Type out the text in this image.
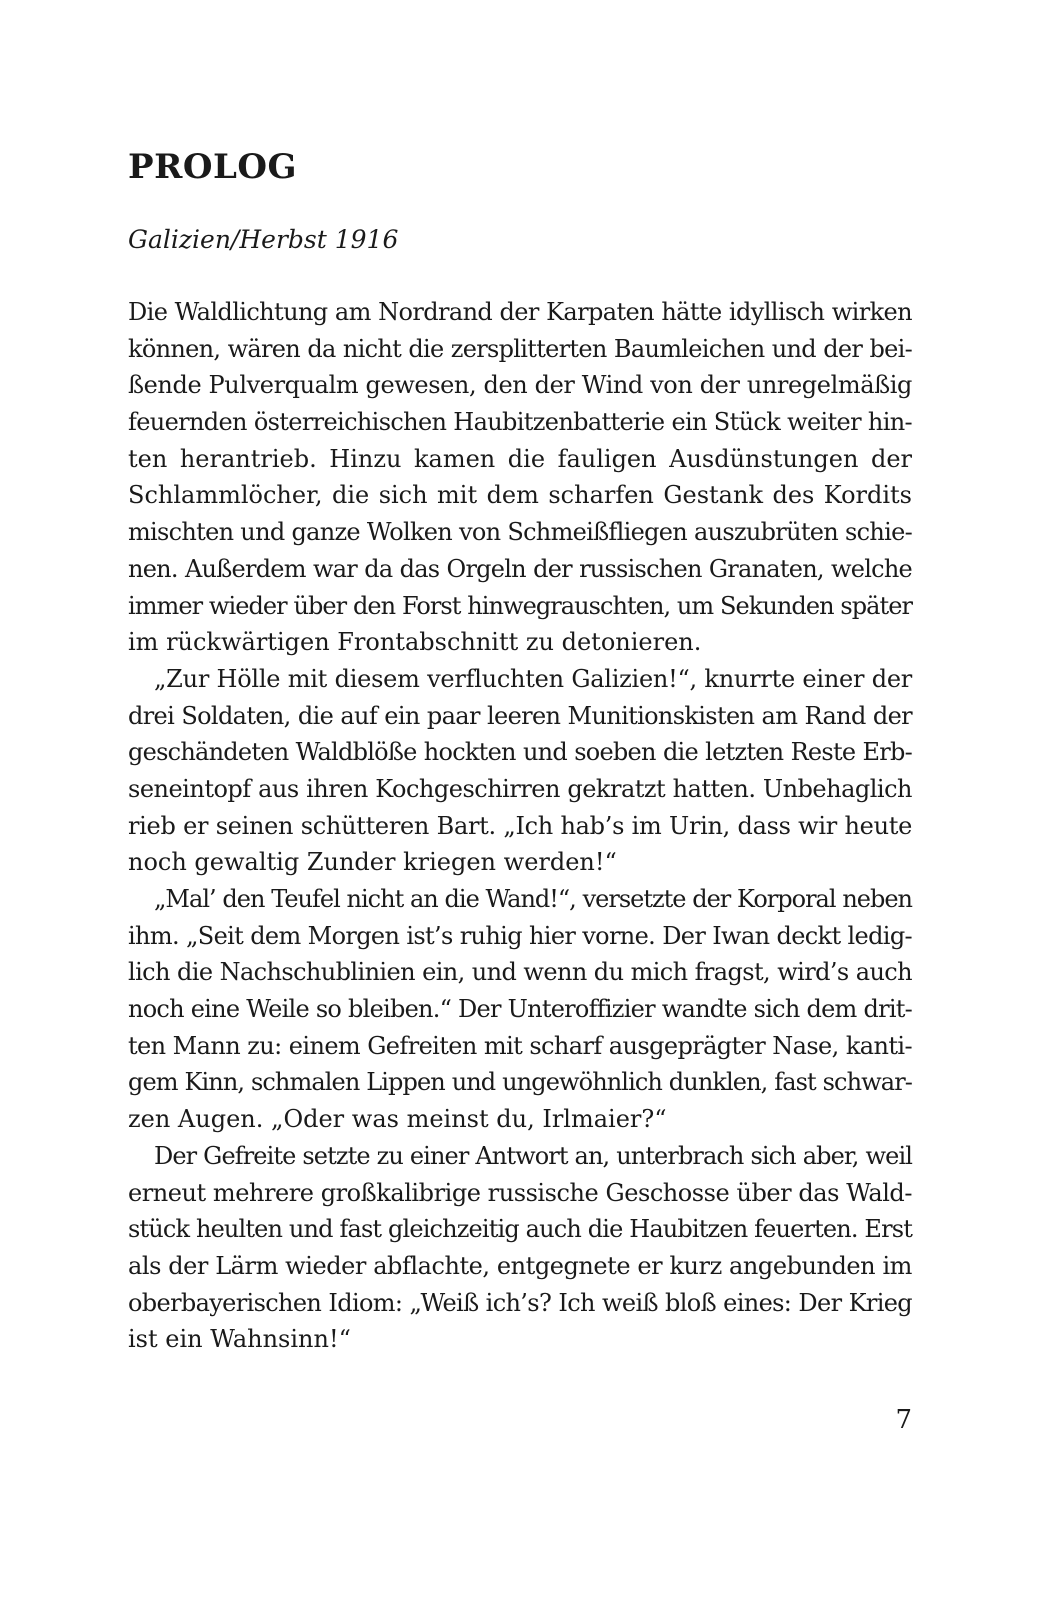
PROLOG

Galizien/Herbst 1916

Die Waldlichtung am Nordrand der Karpaten hätte idyllisch wirken
können, wären da nicht die zersplitterten Baumleichen und der bei-
ßende Pulverqualm gewesen, den der Wind von der unregelmäßig
feuernden österreichischen Haubitzenbatterie ein Stück weiter hin-
ten herantrieb. Hinzu kamen die fauligen Ausdünstungen der
Schlammlöcher, die sich mit dem scharfen Gestank des Kordits
mischten und ganze Wolken von Schmeißfliegen auszubrüten schie-
nen. Außerdem war da das Orgeln der russischen Granaten, welche
immer wieder über den Forst hinwegrauschten, um Sekunden später
im rückwärtigen Frontabschnitt zu detonieren.

„Zur Hölle mit diesem verfluchten Galizien!“, knurrte einer der
drei Soldaten, die auf ein paar leeren Munitionskisten am Rand der
geschändeten Waldblöße hockten und soeben die letzten Reste Erb-
seneintopf aus ihren Kochgeschirren gekratzt hatten. Unbehaglich
rieb er seinen schütteren Bart. „Ich hab’s im Urin, dass wir heute
noch gewaltig Zunder kriegen werden!“

„Mal’ den Teufel nicht an die Wand!“, versetzte der Korporal neben
ihm. „Seit dem Morgen ist’s ruhig hier vorne. Der Iwan deckt ledig-
lich die Nachschublinien ein, und wenn du mich fragst, wird’s auch
noch eine Weile so bleiben.“ Der Unteroffizier wandte sich dem drit-
ten Mann zu: einem Gefreiten mit scharf ausgeprägter Nase, kanti-
gem Kinn, schmalen Lippen und ungewöhnlich dunklen, fast schwar-
zen Augen. „Oder was meinst du, Irlmaier?“

Der Gefreite setzte zu einer Antwort an, unterbrach sich aber, weil
erneut mehrere großkalibrige russische Geschosse über das Wald-
stück heulten und fast gleichzeitig auch die Haubitzen feuerten. Erst
als der Lärm wieder abflachte, entgegnete er kurz angebunden im
oberbayerischen Idiom: „Weiß ich’s? Ich weiß bloß eines: Der Krieg
ist ein Wahnsinn!“

7
